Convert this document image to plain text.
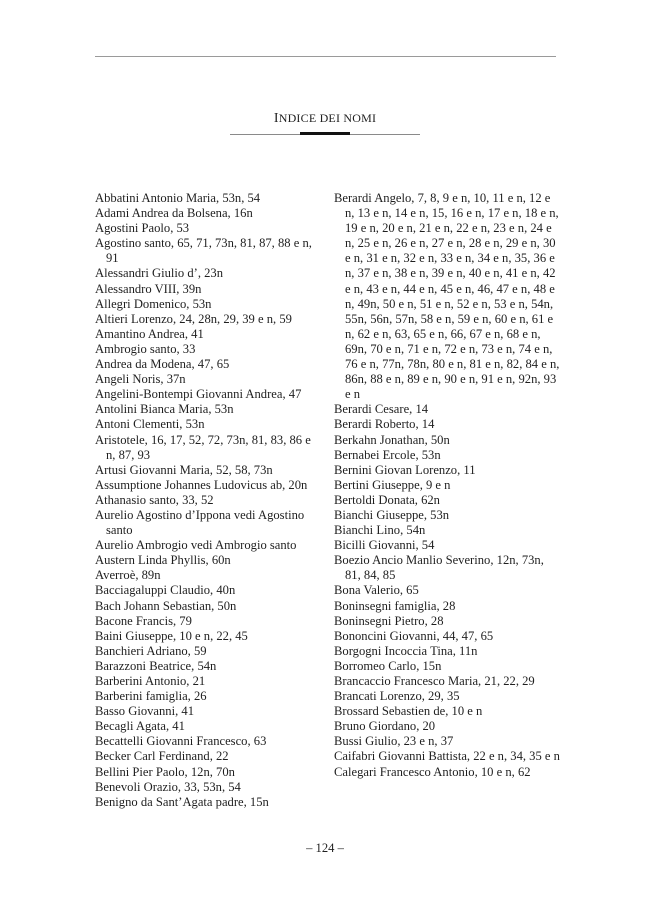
INDICE DEI NOMI
Abbatini Antonio Maria, 53n, 54
Adami Andrea da Bolsena, 16n
Agostini Paolo, 53
Agostino santo, 65, 71, 73n, 81, 87, 88 e n, 91
Alessandri Giulio d’, 23n
Alessandro VIII, 39n
Allegri Domenico, 53n
Altieri Lorenzo, 24, 28n, 29, 39 e n, 59
Amantino Andrea, 41
Ambrogio santo, 33
Andrea da Modena, 47, 65
Angeli Noris, 37n
Angelini-Bontempi Giovanni Andrea, 47
Antolini Bianca Maria, 53n
Antoni Clementi, 53n
Aristotele, 16, 17, 52, 72, 73n, 81, 83, 86 e n, 87, 93
Artusi Giovanni Maria, 52, 58, 73n
Assumptione Johannes Ludovicus ab, 20n
Athanasio santo, 33, 52
Aurelio Agostino d’Ippona vedi Agostino santo
Aurelio Ambrogio vedi Ambrogio santo
Austern Linda Phyllis, 60n
Averroè, 89n
Bacciagaluppi Claudio, 40n
Bach Johann Sebastian, 50n
Bacone Francis, 79
Baini Giuseppe, 10 e n, 22, 45
Banchieri Adriano, 59
Barazzoni Beatrice, 54n
Barberini Antonio, 21
Barberini famiglia, 26
Basso Giovanni, 41
Becagli Agata, 41
Becattelli Giovanni Francesco, 63
Becker Carl Ferdinand, 22
Bellini Pier Paolo, 12n, 70n
Benevoli Orazio, 33, 53n, 54
Benigno da Sant’Agata padre, 15n
Berardi Angelo, 7, 8, 9 e n, 10, 11 e n, 12 e n, 13 e n, 14 e n, 15, 16 e n, 17 e n, 18 e n, 19 e n, 20 e n, 21 e n, 22 e n, 23 e n, 24 e n, 25 e n, 26 e n, 27 e n, 28 e n, 29 e n, 30 e n, 31 e n, 32 e n, 33 e n, 34 e n, 35, 36 e n, 37 e n, 38 e n, 39 e n, 40 e n, 41 e n, 42 e n, 43 e n, 44 e n, 45 e n, 46, 47 e n, 48 e n, 49n, 50 e n, 51 e n, 52 e n, 53 e n, 54n, 55n, 56n, 57n, 58 e n, 59 e n, 60 e n, 61 e n, 62 e n, 63, 65 e n, 66, 67 e n, 68 e n, 69n, 70 e n, 71 e n, 72 e n, 73 e n, 74 e n, 76 e n, 77n, 78n, 80 e n, 81 e n, 82, 84 e n, 86n, 88 e n, 89 e n, 90 e n, 91 e n, 92n, 93 e n
Berardi Cesare, 14
Berardi Roberto, 14
Berkahn Jonathan, 50n
Bernabei Ercole, 53n
Bernini Giovan Lorenzo, 11
Bertini Giuseppe, 9 e n
Bertoldi Donata, 62n
Bianchi Giuseppe, 53n
Bianchi Lino, 54n
Bicilli Giovanni, 54
Boezio Ancio Manlio Severino, 12n, 73n, 81, 84, 85
Bona Valerio, 65
Boninsegni famiglia, 28
Boninsegni Pietro, 28
Bononcini Giovanni, 44, 47, 65
Borgogni Incoccia Tina, 11n
Borromeo Carlo, 15n
Brancaccio Francesco Maria, 21, 22, 29
Brancati Lorenzo, 29, 35
Brossard Sebastien de, 10 e n
Bruno Giordano, 20
Bussi Giulio, 23 e n, 37
Caifabri Giovanni Battista, 22 e n, 34, 35 e n
Calegari Francesco Antonio, 10 e n, 62
– 124 –
